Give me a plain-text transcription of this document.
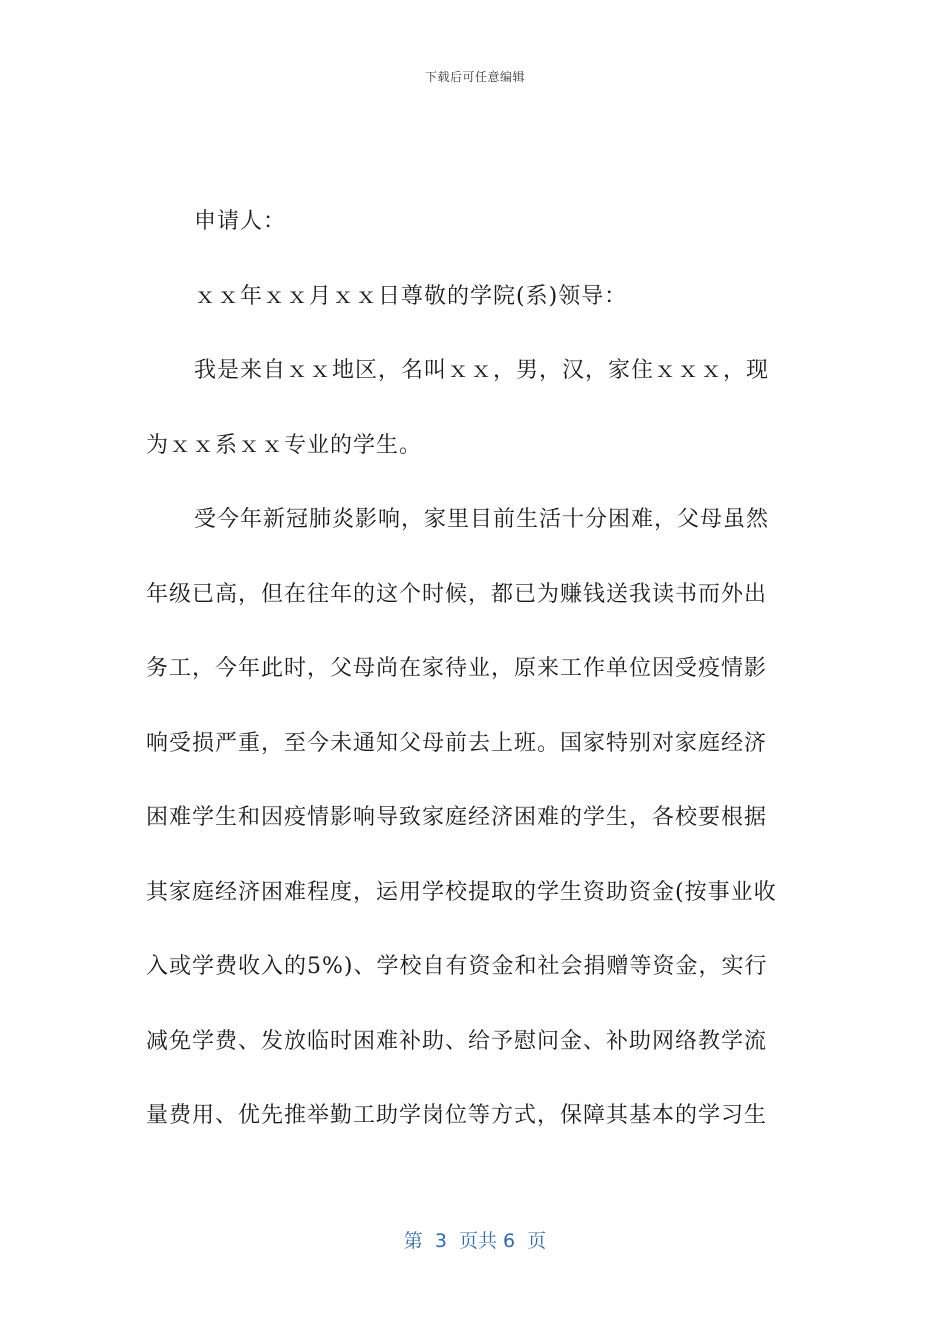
下载后可任意编辑
申请人：
ｘｘ年ｘｘ月ｘｘ日尊敬的学院(系)领导：
我是来自ｘｘ地区，名叫ｘｘ，男，汉，家住ｘｘｘ，现
为ｘｘ系ｘｘ专业的学生。
受今年新冠肺炎影响，家里目前生活十分困难，父母虽然
年级已高，但在往年的这个时候，都已为赚钱送我读书而外出
务工，今年此时，父母尚在家待业，原来工作单位因受疫情影
响受损严重，至今未通知父母前去上班。国家特别对家庭经济
困难学生和因疫情影响导致家庭经济困难的学生，各校要根据
其家庭经济困难程度，运用学校提取的学生资助资金(按事业收
入或学费收入的5%)、学校自有资金和社会捐赠等资金，实行
减免学费、发放临时困难补助、给予慰问金、补助网络教学流
量费用、优先推举勤工助学岗位等方式，保障其基本的学习生
第  3  页共 6  页
